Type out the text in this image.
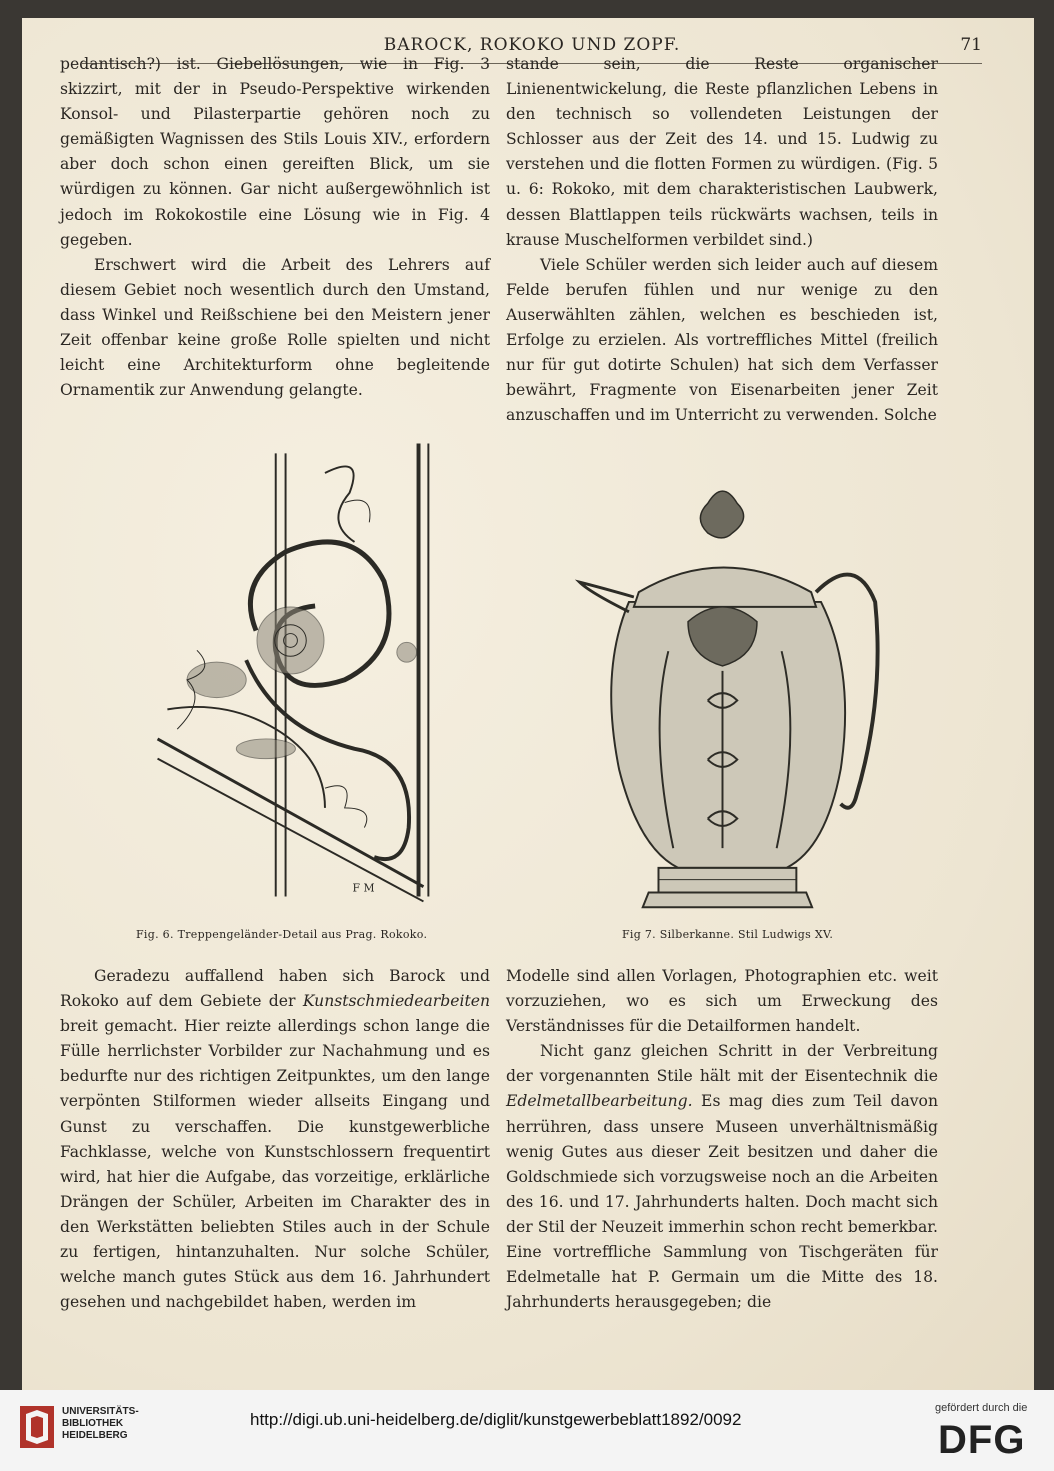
BAROCK, ROKOKO UND ZOPF.	71

pedantisch?) ist. Giebellösungen, wie in Fig. 3 skizzirt, mit der in Pseudo-Perspektive wirkenden Konsol- und Pilasterpartie gehören noch zu gemäßigten Wagnissen des Stils Louis XIV., erfordern aber doch schon einen gereiften Blick, um sie würdigen zu können. Gar nicht außergewöhnlich ist jedoch im Rokokostile eine Lösung wie in Fig. 4 gegeben.

Erschwert wird die Arbeit des Lehrers auf diesem Gebiet noch wesentlich durch den Umstand, dass Winkel und Reißschiene bei den Meistern jener Zeit offenbar keine große Rolle spielten und nicht leicht eine Architekturform ohne begleitende Ornamentik zur Anwendung gelangte.

stande sein, die Reste organischer Linienentwickelung, die Reste pflanzlichen Lebens in den technisch so vollendeten Leistungen der Schlosser aus der Zeit des 14. und 15. Ludwig zu verstehen und die flotten Formen zu würdigen. (Fig. 5 u. 6: Rokoko, mit dem charakteristischen Laubwerk, dessen Blattlappen teils rückwärts wachsen, teils in krause Muschelformen verbildet sind.)

Viele Schüler werden sich leider auch auf diesem Felde berufen fühlen und nur wenige zu den Auserwählten zählen, welchen es beschieden ist, Erfolge zu erzielen. Als vortreffliches Mittel (freilich nur für gut dotirte Schulen) hat sich dem Verfasser bewährt, Fragmente von Eisenarbeiten jener Zeit anzuschaffen und im Unterricht zu verwenden. Solche

F M
Fig. 6. Treppengeländer-Detail aus Prag. Rokoko.	Fig 7. Silberkanne. Stil Ludwigs XV.

Geradezu auffallend haben sich Barock und Rokoko auf dem Gebiete der Kunstschmiedearbeiten breit gemacht. Hier reizte allerdings schon lange die Fülle herrlichster Vorbilder zur Nachahmung und es bedurfte nur des richtigen Zeitpunktes, um den lange verpönten Stilformen wieder allseits Eingang und Gunst zu verschaffen. Die kunstgewerbliche Fachklasse, welche von Kunstschlossern frequentirt wird, hat hier die Aufgabe, das vorzeitige, erklärliche Drängen der Schüler, Arbeiten im Charakter des in den Werkstätten beliebten Stiles auch in der Schule zu fertigen, hintanzuhalten. Nur solche Schüler, welche manch gutes Stück aus dem 16. Jahrhundert gesehen und nachgebildet haben, werden im

Modelle sind allen Vorlagen, Photographien etc. weit vorzuziehen, wo es sich um Erweckung des Verständnisses für die Detailformen handelt.

Nicht ganz gleichen Schritt in der Verbreitung der vorgenannten Stile hält mit der Eisentechnik die Edelmetallbearbeitung. Es mag dies zum Teil davon herrühren, dass unsere Museen unverhältnismäßig wenig Gutes aus dieser Zeit besitzen und daher die Goldschmiede sich vorzugsweise noch an die Arbeiten des 16. und 17. Jahrhunderts halten. Doch macht sich der Stil der Neuzeit immerhin schon recht bemerkbar. Eine vortreffliche Sammlung von Tischgeräten für Edelmetalle hat P. Germain um die Mitte des 18. Jahrhunderts herausgegeben; die

UNIVERSITÄTS-
BIBLIOTHEK
HEIDELBERG
http://digi.ub.uni-heidelberg.de/diglit/kunstgewerbeblatt1892/0092
gefördert durch die
DFG
